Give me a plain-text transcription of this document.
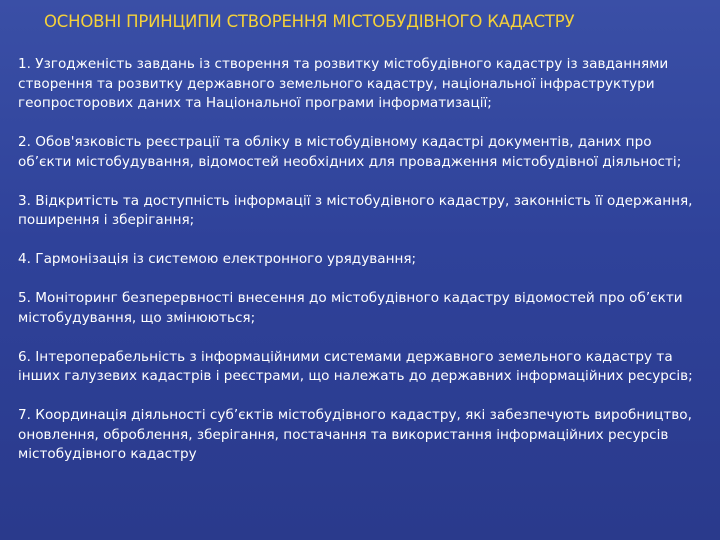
ОСНОВНІ ПРИНЦИПИ СТВОРЕННЯ МІСТОБУДІВНОГО КАДАСТРУ
1. Узгодженість завдань із створення та розвитку містобудівного кадастру із завданнями створення та розвитку державного земельного кадастру, національної інфраструктури геопросторових даних та Національної програми інформатизації;
2. Обов'язковість реєстрації та обліку в містобудівному кадастрі документів, даних про об’єкти містобудування, відомостей необхідних для провадження містобудівної діяльності;
3. Відкритість та доступність інформації з містобудівного кадастру, законність її одержання, поширення і зберігання;
4. Гармонізація із системою електронного урядування;
5. Моніторинг безперервності внесення до містобудівного кадастру відомостей про об’єкти містобудування, що змінюються;
6. Інтероперабельність з інформаційними системами державного земельного кадастру та інших галузевих кадастрів і реєстрами, що належать до державних інформаційних ресурсів;
7. Координація діяльності суб’єктів містобудівного кадастру, які забезпечують виробництво, оновлення, оброблення, зберігання, постачання та використання інформаційних ресурсів містобудівного кадастру
